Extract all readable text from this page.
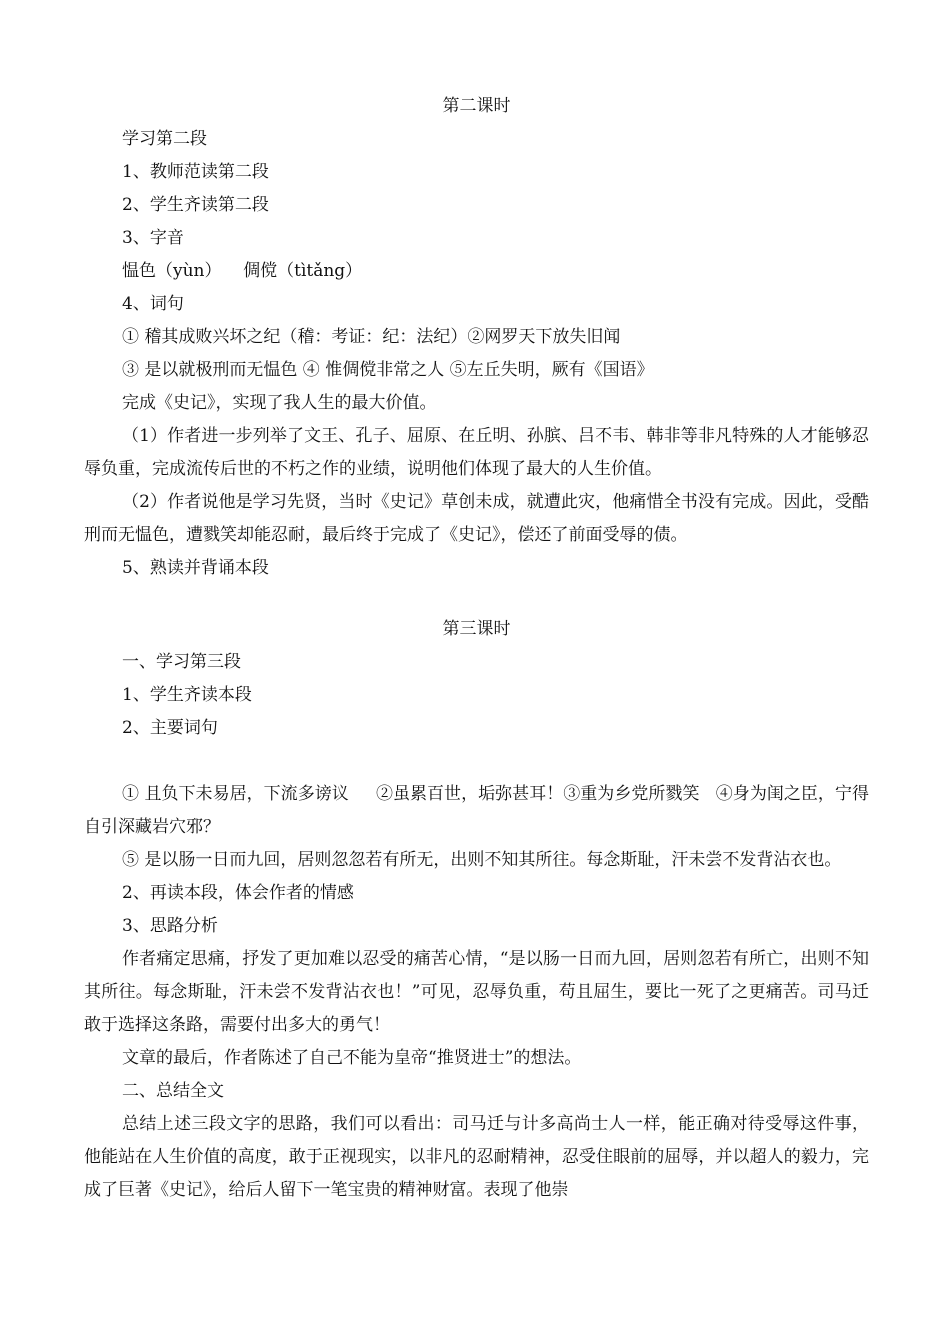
第二课时

学习第二段

1、教师范读第二段

2、学生齐读第二段

3、字音

愠色（yùn）    倜傥（tìtǎng）

4、词句

① 稽其成败兴坏之纪（稽：考证：纪：法纪）②网罗天下放失旧闻

③ 是以就极刑而无愠色 ④ 惟倜傥非常之人 ⑤左丘失明，厥有《国语》

完成《史记》，实现了我人生的最大价值。

（1）作者进一步列举了文王、孔子、屈原、在丘明、孙膑、吕不韦、韩非等非凡特殊的人才能够忍辱负重，完成流传后世的不朽之作的业绩，说明他们体现了最大的人生价值。

（2）作者说他是学习先贤，当时《史记》草创未成，就遭此灾，他痛惜全书没有完成。因此，受酷刑而无愠色，遭戮笑却能忍耐，最后终于完成了《史记》，偿还了前面受辱的债。

5、熟读并背诵本段

第三课时

一、学习第三段

1、学生齐读本段

2、主要词句

① 且负下未易居，下流多谤议     ②虽累百世，垢弥甚耳！③重为乡党所戮笑   ④身为闺之臣，宁得自引深藏岩穴邪？

⑤ 是以肠一日而九回，居则忽忽若有所无，出则不知其所往。每念斯耻，汗未尝不发背沾衣也。

2、再读本段，体会作者的情感

3、思路分析

作者痛定思痛，抒发了更加难以忍受的痛苦心情，“是以肠一日而九回，居则忽若有所亡，出则不知其所往。每念斯耻，汗未尝不发背沾衣也！”可见，忍辱负重，苟且屈生，要比一死了之更痛苦。司马迁敢于选择这条路，需要付出多大的勇气！

文章的最后，作者陈述了自己不能为皇帝“推贤进士”的想法。

二、总结全文

总结上述三段文字的思路，我们可以看出：司马迁与计多高尚士人一样，能正确对待受辱这件事，他能站在人生价值的高度，敢于正视现实，以非凡的忍耐精神，忍受住眼前的屈辱，并以超人的毅力，完成了巨著《史记》，给后人留下一笔宝贵的精神财富。表现了他崇
